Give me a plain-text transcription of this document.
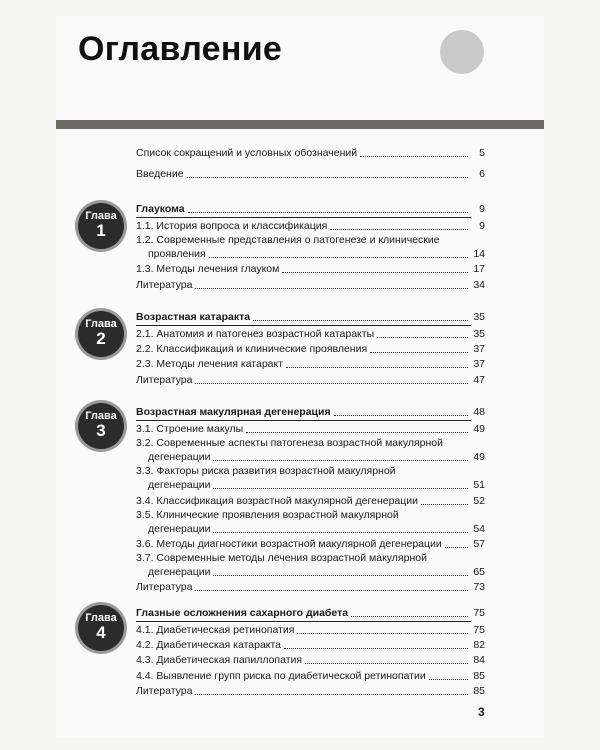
Оглавление
Список сокращений и условных обозначений	5
Введение	6
Глава
1
Глаукома	9
1.1. История вопроса и классификация	9
1.2. Современные представления о патогенезе и клинические
проявления	14
1.3. Методы лечения глауком	17
Литература	34
Глава
2
Возрастная катаракта	35
2.1. Анатомия и патогенез возрастной катаракты	35
2.2. Классификация и клинические проявления	37
2.3. Методы лечения катаракт	37
Литература	47
Глава
3
Возрастная макулярная дегенерация	48
3.1. Строение макулы	49
3.2. Современные аспекты патогенеза возрастной макулярной
дегенерации	49
3.3. Факторы риска развития возрастной макулярной
дегенерации	51
3.4. Классификация возрастной макулярной дегенерации	52
3.5. Клинические проявления возрастной макулярной
дегенерации	54
3.6. Методы диагностики возрастной макулярной дегенерации	57
3.7. Современные методы лечения возрастной макулярной
дегенерации	65
Литература	73
Глава
4
Глазные осложнения сахарного диабета	75
4.1. Диабетическая ретинопатия	75
4.2. Диабетическая катаракта	82
4.3. Диабетическая папиллопатия	84
4.4. Выявление групп риска по диабетической ретинопатии	85
Литература	85
3
